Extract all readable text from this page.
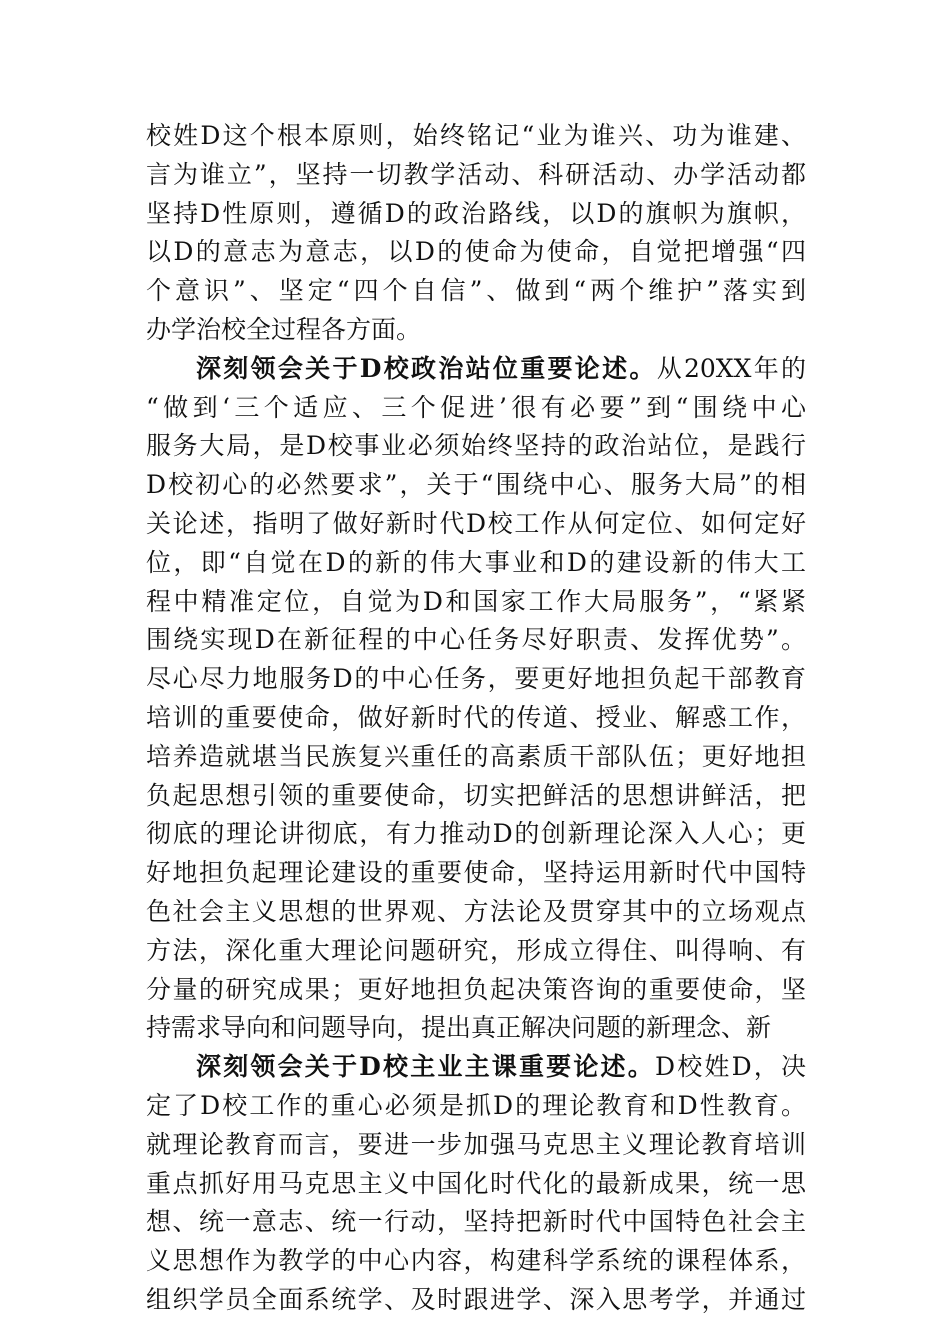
校姓D这个根本原则，始终铭记“业为谁兴、功为谁建、
言为谁立”，坚持一切教学活动、科研活动、办学活动都
坚持D性原则，遵循D的政治路线，以D的旗帜为旗帜，
以D的意志为意志，以D的使命为使命，自觉把增强“四
个意识”、坚定“四个自信”、做到“两个维护”落实到
办学治校全过程各方面。
深刻领会关于D校政治站位重要论述。从20XX年的
“做到‘三个适应、三个促进’很有必要”到“围绕中心
服务大局，是D校事业必须始终坚持的政治站位，是践行
D校初心的必然要求”，关于“围绕中心、服务大局”的相
关论述，指明了做好新时代D校工作从何定位、如何定好
位，即“自觉在D的新的伟大事业和D的建设新的伟大工
程中精准定位，自觉为D和国家工作大局服务”，“紧紧
围绕实现D在新征程的中心任务尽好职责、发挥优势”。
尽心尽力地服务D的中心任务，要更好地担负起干部教育
培训的重要使命，做好新时代的传道、授业、解惑工作，
培养造就堪当民族复兴重任的高素质干部队伍；更好地担
负起思想引领的重要使命，切实把鲜活的思想讲鲜活，把
彻底的理论讲彻底，有力推动D的创新理论深入人心；更
好地担负起理论建设的重要使命，坚持运用新时代中国特
色社会主义思想的世界观、方法论及贯穿其中的立场观点
方法，深化重大理论问题研究，形成立得住、叫得响、有
分量的研究成果；更好地担负起决策咨询的重要使命，坚
持需求导向和问题导向，提出真正解决问题的新理念、新
深刻领会关于D校主业主课重要论述。D校姓D，决
定了D校工作的重心必须是抓D的理论教育和D性教育。
就理论教育而言，要进一步加强马克思主义理论教育培训
重点抓好用马克思主义中国化时代化的最新成果，统一思
想、统一意志、统一行动，坚持把新时代中国特色社会主
义思想作为教学的中心内容，构建科学系统的课程体系，
组织学员全面系统学、及时跟进学、深入思考学，并通过
